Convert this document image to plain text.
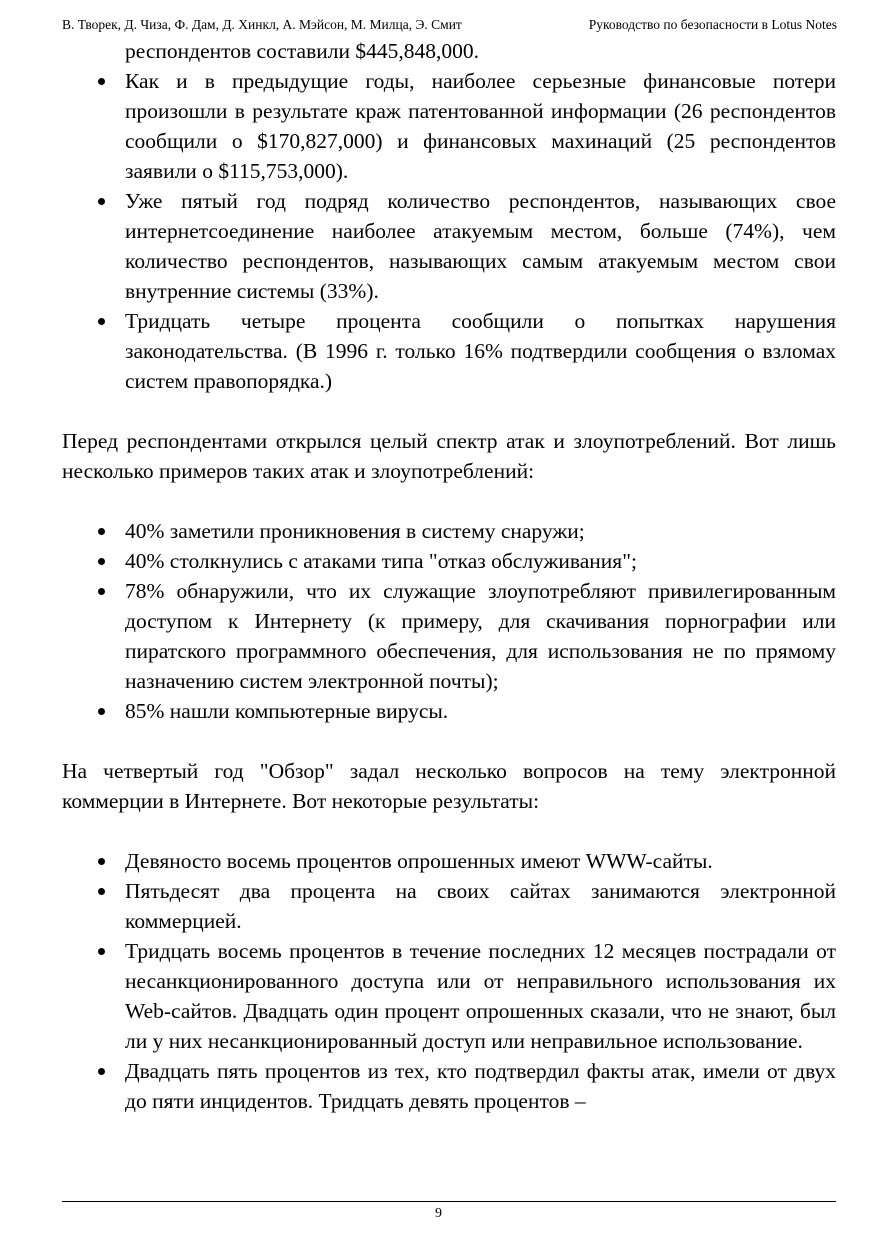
В. Творек, Д. Чиза, Ф. Дам, Д. Хинкл, А. Мэйсон, М. Милца, Э. Смит	Руководство по безопасности в Lotus Notes
респондентов составили $445,848,000.
Как и в предыдущие годы, наиболее серьезные финансовые потери произошли в результате краж патентованной информации (26 респондентов сообщили о $170,827,000) и финансовых махинаций (25 респондентов заявили о $115,753,000).
Уже пятый год подряд количество респондентов, называющих свое интернетсоединение наиболее атакуемым местом, больше (74%), чем количество респондентов, называющих самым атакуемым местом свои внутренние системы (33%).
Тридцать четыре процента сообщили о попытках нарушения законодательства. (В 1996 г. только 16% подтвердили сообщения о взломах систем правопорядка.)

Перед респондентами открылся целый спектр атак и злоупотреблений. Вот лишь несколько примеров таких атак и злоупотреблений:

40% заметили проникновения в систему снаружи;
40% столкнулись с атаками типа "отказ обслуживания";
78% обнаружили, что их служащие злоупотребляют привилегированным доступом к Интернету (к примеру, для скачивания порнографии или пиратского программного обеспечения, для использования не по прямому назначению систем электронной почты);
85% нашли компьютерные вирусы.

На четвертый год "Обзор" задал несколько вопросов на тему электронной коммерции в Интернете. Вот некоторые результаты:

Девяносто восемь процентов опрошенных имеют WWW-сайты.
Пятьдесят два процента на своих сайтах занимаются электронной коммерцией.
Тридцать восемь процентов в течение последних 12 месяцев пострадали от несанкционированного доступа или от неправильного использования их Web-сайтов. Двадцать один процент опрошенных сказали, что не знают, был ли у них несанкционированный доступ или неправильное использование.
Двадцать пять процентов из тех, кто подтвердил факты атак, имели от двух до пяти инцидентов. Тридцать девять процентов –
9
